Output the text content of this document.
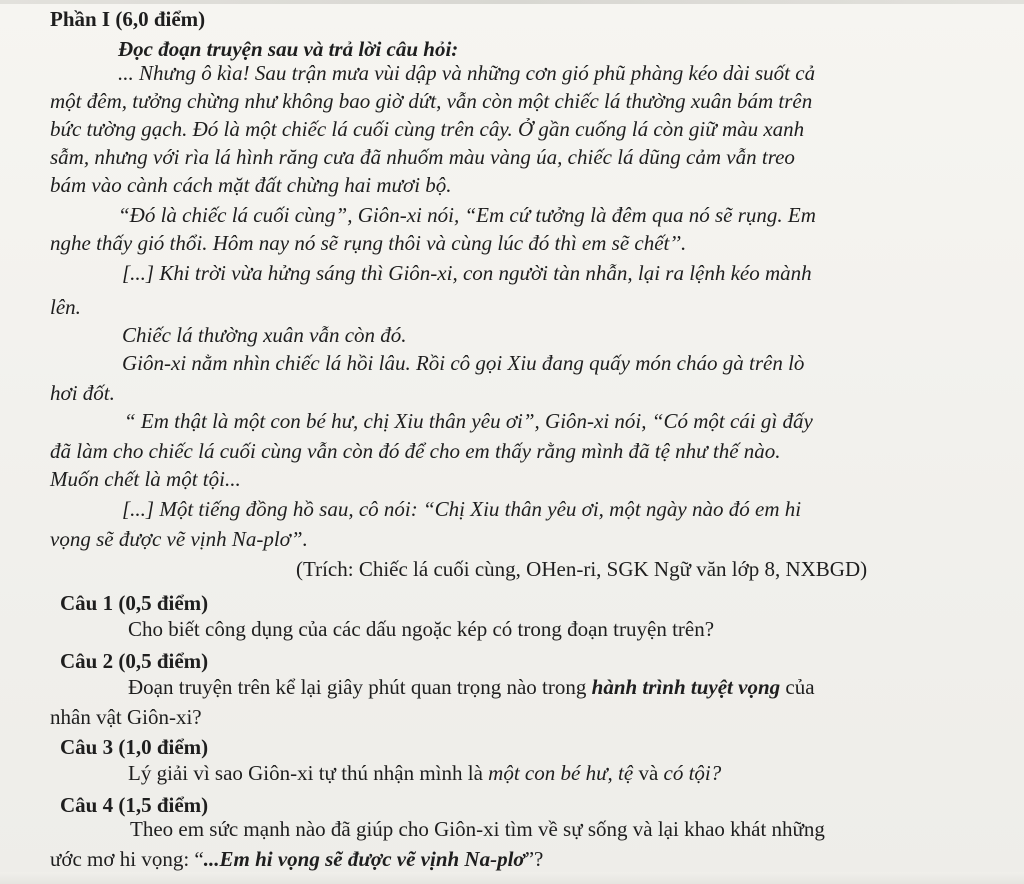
Phần I (6,0 điểm)
Đọc đoạn truyện sau và trả lời câu hỏi:
... Nhưng ô kìa! Sau trận mưa vùi dập và những cơn gió phũ phàng kéo dài suốt cả
một đêm, tưởng chừng như không bao giờ dứt, vẫn còn một chiếc lá thường xuân bám trên
bức tường gạch. Đó là một chiếc lá cuối cùng trên cây. Ở gần cuống lá còn giữ màu xanh
sẫm, nhưng với rìa lá hình răng cưa đã nhuốm màu vàng úa, chiếc lá dũng cảm vẫn treo
bám vào cành cách mặt đất chừng hai mươi bộ.
“Đó là chiếc lá cuối cùng”, Giôn-xi nói, “Em cứ tưởng là đêm qua nó sẽ rụng. Em
nghe thấy gió thổi. Hôm nay nó sẽ rụng thôi và cùng lúc đó thì em sẽ chết’’.
[...] Khi trời vừa hửng sáng thì Giôn-xi, con người tàn nhẫn, lại ra lệnh kéo mành
lên.
Chiếc lá thường xuân vẫn còn đó.
Giôn-xi nằm nhìn chiếc lá hồi lâu. Rồi cô gọi Xiu đang quấy món cháo gà trên lò
hơi đốt.
“ Em thật là một con bé hư, chị Xiu thân yêu ơi”, Giôn-xi nói, “Có một cái gì đấy
đã làm cho chiếc lá cuối cùng vẫn còn đó để cho em thấy rằng mình đã tệ như thế nào.
Muốn chết là một tội...
[...] Một tiếng đồng hồ sau, cô nói: “Chị Xiu thân yêu ơi, một ngày nào đó em hi
vọng sẽ được vẽ vịnh Na-plơ”.
(Trích: Chiếc lá cuối cùng, OHen-ri, SGK Ngữ văn lớp 8, NXBGD)
Câu 1 (0,5 điểm)
Cho biết công dụng của các dấu ngoặc kép có trong đoạn truyện trên?
Câu 2 (0,5 điểm)
Đoạn truyện trên kể lại giây phút quan trọng nào trong hành trình tuyệt vọng của
nhân vật Giôn-xi?
Câu 3 (1,0 điểm)
Lý giải vì sao Giôn-xi tự thú nhận mình là một con bé hư, tệ và có tội?
Câu 4 (1,5 điểm)
Theo em sức mạnh nào đã giúp cho Giôn-xi tìm về sự sống và lại khao khát những
ước mơ hi vọng: “...Em hi vọng sẽ được vẽ vịnh Na-plơ”?
